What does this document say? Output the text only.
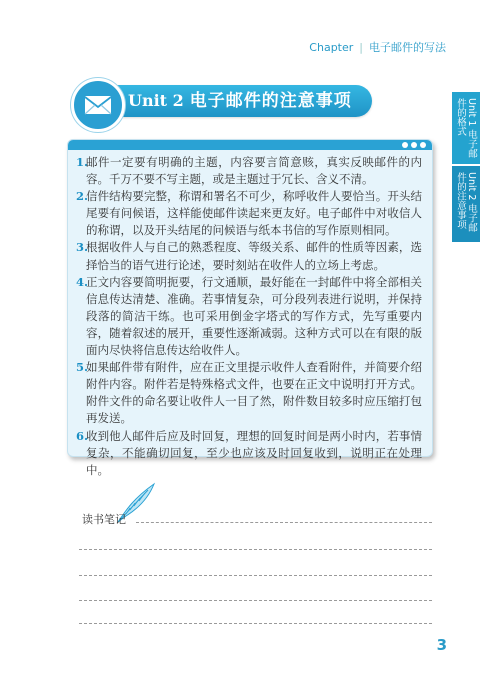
Chapter | 电子邮件的写法
Unit 1 电子邮件的格式
Unit 2 电子邮件的注意事项
Unit 2 电子邮件的注意事项
1.
邮件一定要有明确的主题，内容要言简意赅，真实反映邮件的内容。千万不要不写主题，或是主题过于冗长、含义不清。
2.
信件结构要完整，称谓和署名不可少，称呼收件人要恰当。开头结尾要有问候语，这样能使邮件读起来更友好。电子邮件中对收信人的称谓，以及开头结尾的问候语与纸本书信的写作原则相同。
3.
根据收件人与自己的熟悉程度、等级关系、邮件的性质等因素，选择恰当的语气进行论述，要时刻站在收件人的立场上考虑。
4.
正文内容要简明扼要，行文通顺，最好能在一封邮件中将全部相关信息传达清楚、准确。若事情复杂，可分段列表进行说明，并保持段落的简洁干练。也可采用倒金字塔式的写作方式，先写重要内容，随着叙述的展开，重要性逐渐减弱。这种方式可以在有限的版面内尽快将信息传达给收件人。
5.
如果邮件带有附件，应在正文里提示收件人查看附件，并简要介绍附件内容。附件若是特殊格式文件，也要在正文中说明打开方式。附件文件的命名要让收件人一目了然，附件数目较多时应压缩打包再发送。
6.
收到他人邮件后应及时回复，理想的回复时间是两小时内，若事情复杂，不能确切回复，至少也应该及时回复收到，说明正在处理中。
读书笔记
3
